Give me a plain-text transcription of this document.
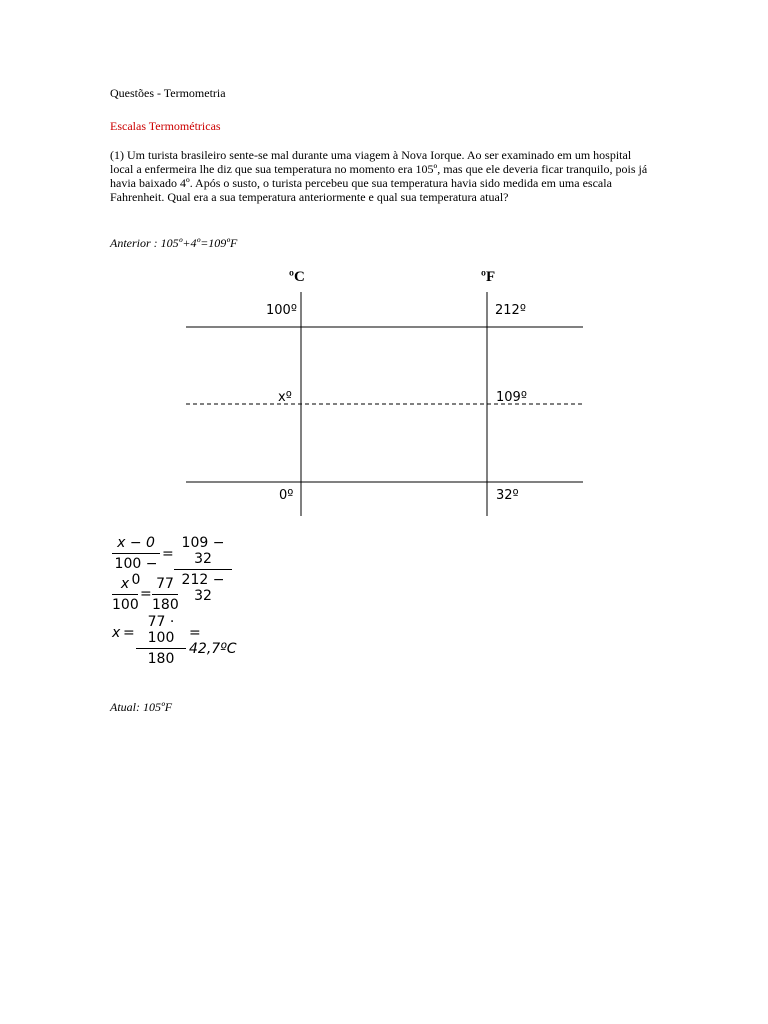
Questões - Termometria
Escalas Termométricas
(1) Um turista brasileiro sente-se mal durante uma viagem à Nova Iorque. Ao ser examinado em um hospital local a enfermeira lhe diz que sua temperatura no momento era 105º, mas que ele deveria ficar tranquilo, pois já havia baixado 4º. Após o susto, o turista percebeu que sua temperatura havia sido medida em uma escala Fahrenheit. Qual era a sua temperatura anteriormente e qual sua temperatura atual?
Anterior : 105º+4º=109ºF
ºC	ºF
100º	212º
xº	109º
0º	32º
x − 0
100 − 0
=
109 − 32
212 − 32
x
100
=
77
180
x =
77 · 100
180
= 42,7ºC
Atual: 105ºF
